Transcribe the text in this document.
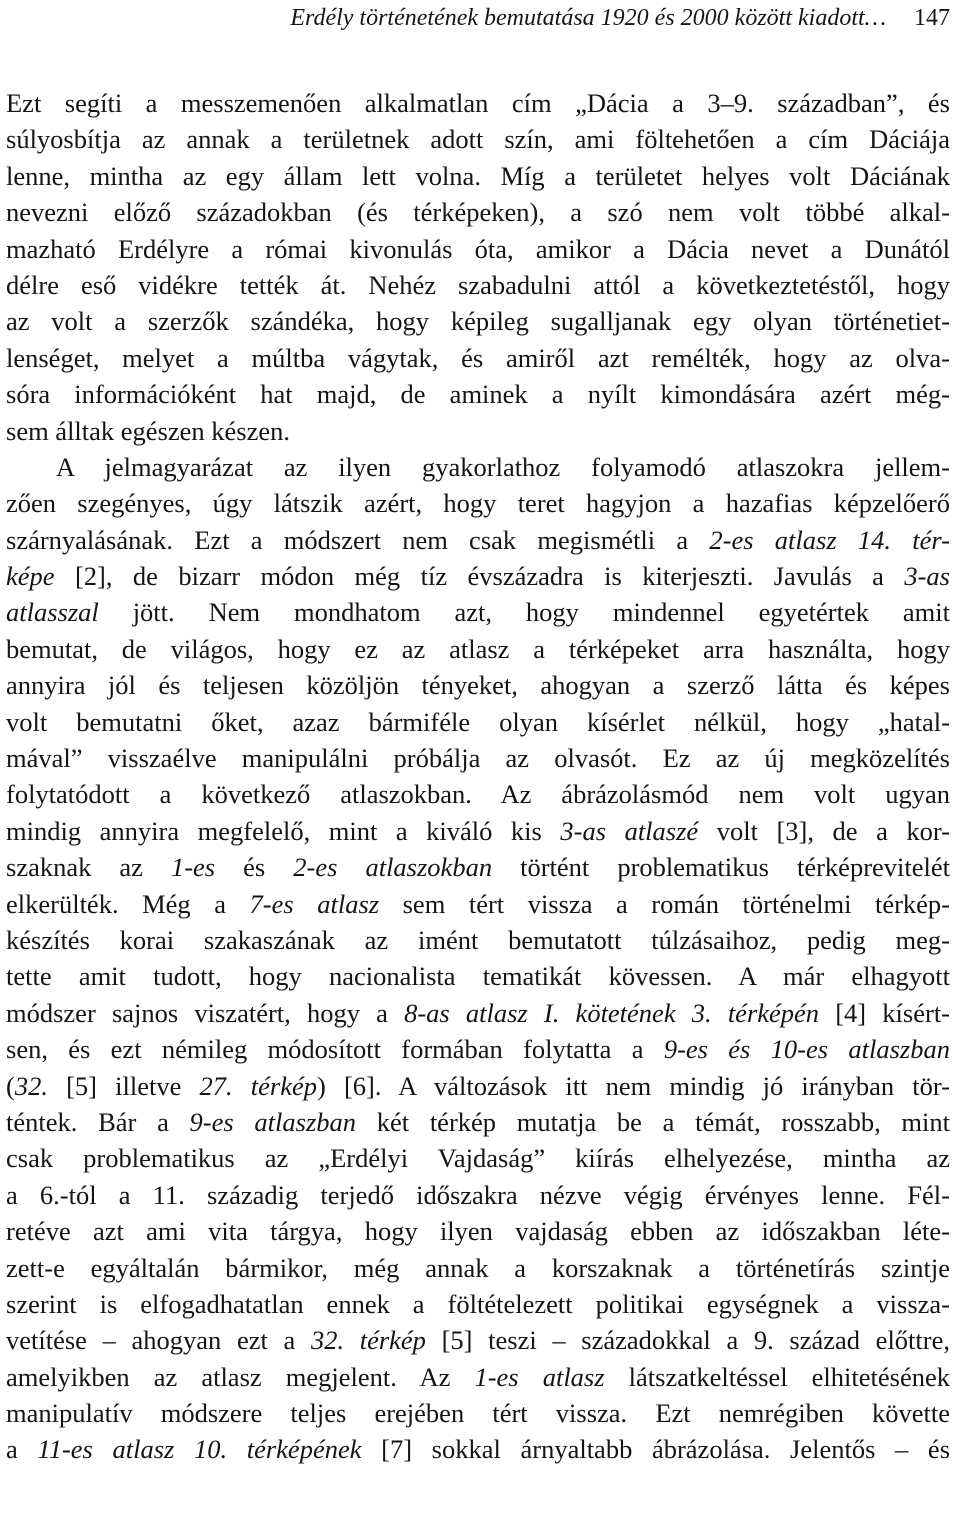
Erdély történetének bemutatása 1920 és 2000 között kiadott… 147
Ezt segíti a messzemenően alkalmatlan cím „Dácia a 3–9. században”, és
súlyosbítja az annak a területnek adott szín, ami föltehetően a cím Dáciája
lenne, mintha az egy állam lett volna. Míg a területet helyes volt Dáciának
nevezni előző századokban (és térképeken), a szó nem volt többé alkal-
mazható Erdélyre a római kivonulás óta, amikor a Dácia nevet a Dunától
délre eső vidékre tették át. Nehéz szabadulni attól a következtetéstől, hogy
az volt a szerzők szándéka, hogy képileg sugalljanak egy olyan történetiet-
lenséget, melyet a múltba vágytak, és amiről azt remélték, hogy az olva-
sóra információként hat majd, de aminek a nyílt kimondására azért még-
sem álltak egészen készen.
A jelmagyarázat az ilyen gyakorlathoz folyamodó atlaszokra jellem-
zően szegényes, úgy látszik azért, hogy teret hagyjon a hazafias képzelőerő
szárnyalásának. Ezt a módszert nem csak megismétli a 2-es atlasz 14. tér-
képe [2], de bizarr módon még tíz évszázadra is kiterjeszti. Javulás a 3-as
atlasszal jött. Nem mondhatom azt, hogy mindennel egyetértek amit
bemutat, de világos, hogy ez az atlasz a térképeket arra használta, hogy
annyira jól és teljesen közöljön tényeket, ahogyan a szerző látta és képes
volt bemutatni őket, azaz bármiféle olyan kísérlet nélkül, hogy „hatal-
mával” visszaélve manipulálni próbálja az olvasót. Ez az új megközelítés
folytatódott a következő atlaszokban. Az ábrázolásmód nem volt ugyan
mindig annyira megfelelő, mint a kiváló kis 3-as atlaszé volt [3], de a kor-
szaknak az 1-es és 2-es atlaszokban történt problematikus térképrevitelét
elkerülték. Még a 7-es atlasz sem tért vissza a román történelmi térkép-
készítés korai szakaszának az imént bemutatott túlzásaihoz, pedig meg-
tette amit tudott, hogy nacionalista tematikát kövessen. A már elhagyott
módszer sajnos viszatért, hogy a 8-as atlasz I. kötetének 3. térképén [4] kísért-
sen, és ezt némileg módosított formában folytatta a 9-es és 10-es atlaszban
(32. [5] illetve 27. térkép) [6]. A változások itt nem mindig jó irányban tör-
téntek. Bár a 9-es atlaszban két térkép mutatja be a témát, rosszabb, mint
csak problematikus az „Erdélyi Vajdaság” kiírás elhelyezése, mintha az
a 6.-tól a 11. századig terjedő időszakra nézve végig érvényes lenne. Fél-
retéve azt ami vita tárgya, hogy ilyen vajdaság ebben az időszakban léte-
zett-e egyáltalán bármikor, még annak a korszaknak a történetírás szintje
szerint is elfogadhatatlan ennek a föltételezett politikai egységnek a vissza-
vetítése – ahogyan ezt a 32. térkép [5] teszi – századokkal a 9. század előttre,
amelyikben az atlasz megjelent. Az 1-es atlasz látszatkeltéssel elhitetésének
manipulatív módszere teljes erejében tért vissza. Ezt nemrégiben követte
a 11-es atlasz 10. térképének [7] sokkal árnyaltabb ábrázolása. Jelentős – és
